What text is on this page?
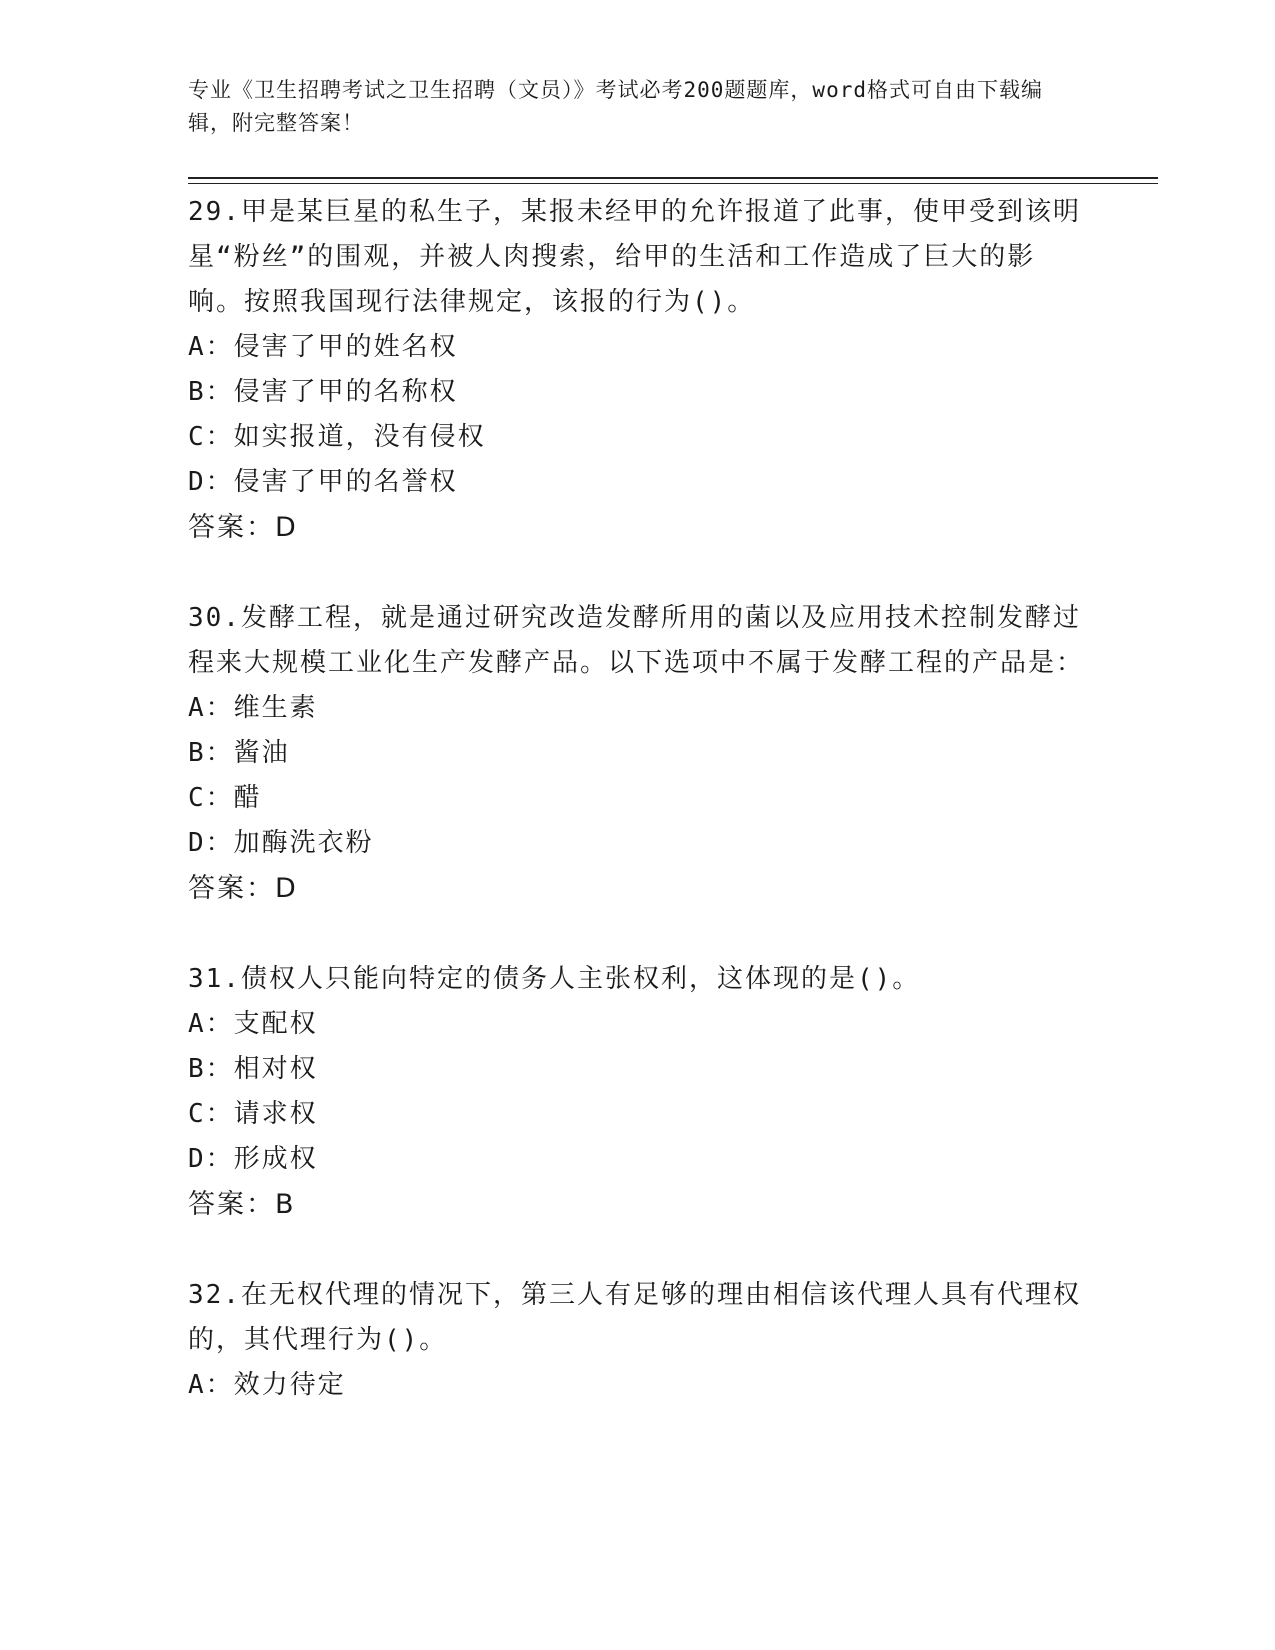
专业《卫生招聘考试之卫生招聘（文员）》考试必考200题题库，word格式可自由下载编辑，附完整答案！

29.甲是某巨星的私生子，某报未经甲的允许报道了此事，使甲受到该明星“粉丝”的围观，并被人肉搜索，给甲的生活和工作造成了巨大的影响。按照我国现行法律规定，该报的行为()。

A：侵害了甲的姓名权

B：侵害了甲的名称权

C：如实报道，没有侵权

D：侵害了甲的名誉权

答案：D

30.发酵工程，就是通过研究改造发酵所用的菌以及应用技术控制发酵过程来大规模工业化生产发酵产品。以下选项中不属于发酵工程的产品是：

A：维生素

B：酱油

C：醋

D：加酶洗衣粉

答案：D

31.债权人只能向特定的债务人主张权利，这体现的是()。

A：支配权

B：相对权

C：请求权

D：形成权

答案：B

32.在无权代理的情况下，第三人有足够的理由相信该代理人具有代理权的，其代理行为()。

A：效力待定
